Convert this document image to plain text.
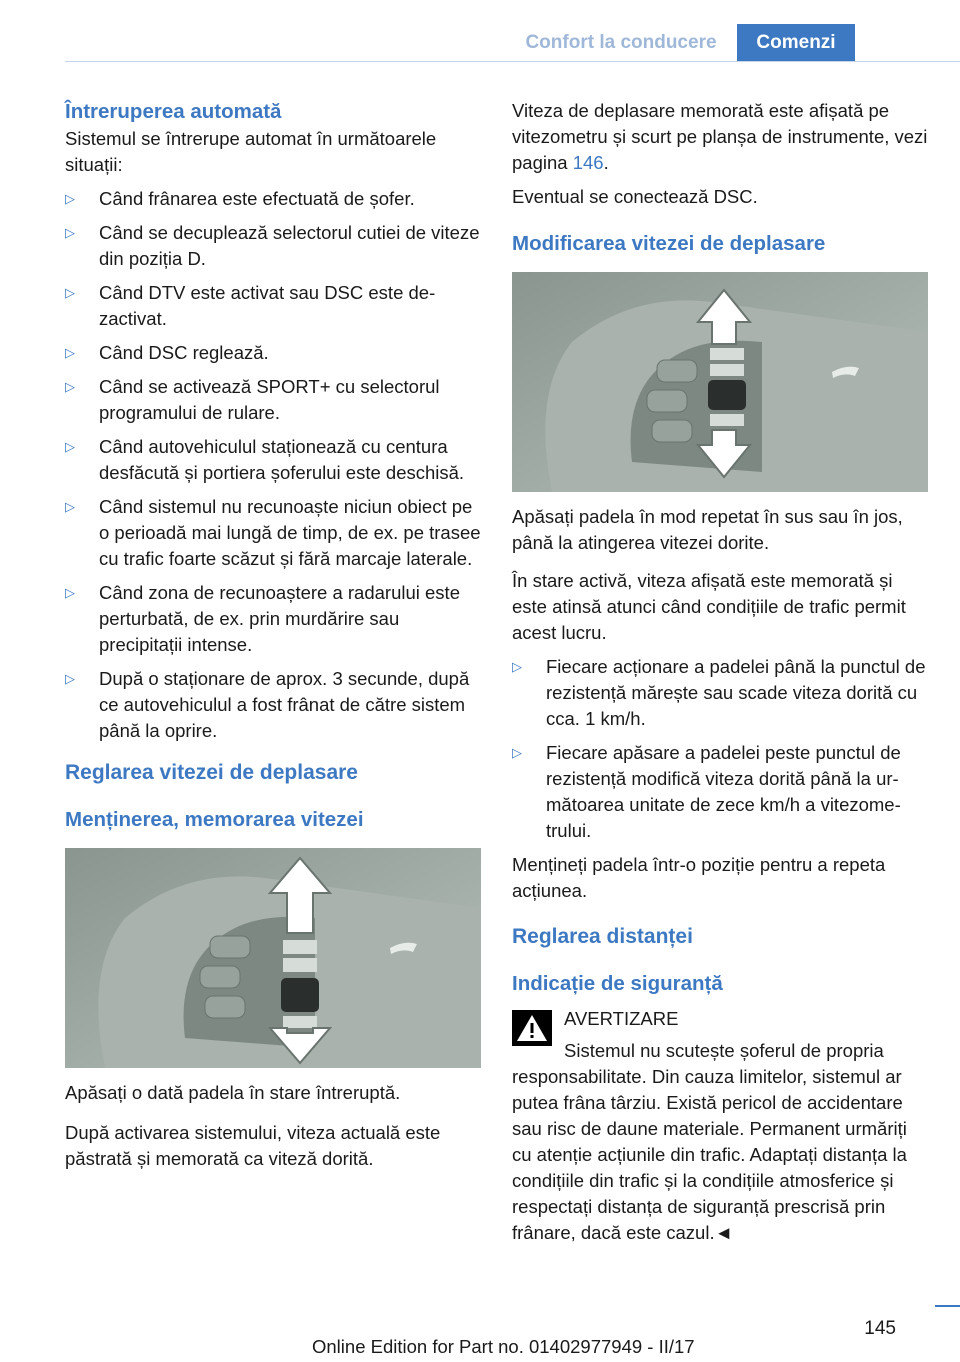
Confort la conducere	Comenzi
Întreruperea automată

Sistemul se întrerupe automat în următoarele situații:

▷ Când frânarea este efectuată de șofer.
▷ Când se decuplează selectorul cutiei de viteze din poziția D.
▷ Când DTV este activat sau DSC este dezactivat.
▷ Când DSC reglează.
▷ Când se activează SPORT+ cu selectorul programului de rulare.
▷ Când autovehiculul staționează cu centura desfăcută și portiera șoferului este deschisă.
▷ Când sistemul nu recunoaște niciun obiect pe o perioadă mai lungă de timp, de ex. pe trasee cu trafic foarte scăzut și fără marcaje laterale.
▷ Când zona de recunoaștere a radarului este perturbată, de ex. prin murdărire sau precipitații intense.
▷ După o staționare de aprox. 3 secunde, după ce autovehiculul a fost frânat de către sistem până la oprire.
Reglarea vitezei de deplasare
Menținerea, memorarea vitezei

Apăsați o dată padela în stare întreruptă.

După activarea sistemului, viteza actuală este păstrată și memorată ca viteză dorită.

Viteza de deplasare memorată este afișată pe vitezometru și scurt pe planșa de instrumente, vezi pagina 146.

Eventual se conectează DSC.

Modificarea vitezei de deplasare

Apăsați padela în mod repetat în sus sau în jos, până la atingerea vitezei dorite.

În stare activă, viteza afișată este memorată și este atinsă atunci când condițiile de trafic permit acest lucru.

▷ Fiecare acționare a padelei până la punctul de rezistență mărește sau scade viteza dorită cu cca. 1 km/h.
▷ Fiecare apăsare a padelei peste punctul de rezistență modifică viteza dorită până la următoarea unitate de zece km/h a vitezometrului.

Mențineți padela într-o poziție pentru a repeta acțiunea.

Reglarea distanței
Indicație de siguranță

AVERTIZARE

Sistemul nu scutește șoferul de propria

responsabilitate. Din cauza limitelor, sistemul ar putea frâna târziu. Există pericol de accidentare sau risc de daune materiale. Permanent urmăriți cu atenție acțiunile din trafic. Adaptați distanța la condițiile din trafic și la condițiile atmosferice și respectați distanța de siguranță prescrisă prin frânare, dacă este cazul.◄

145
Online Edition for Part no. 01402977949 - II/17
